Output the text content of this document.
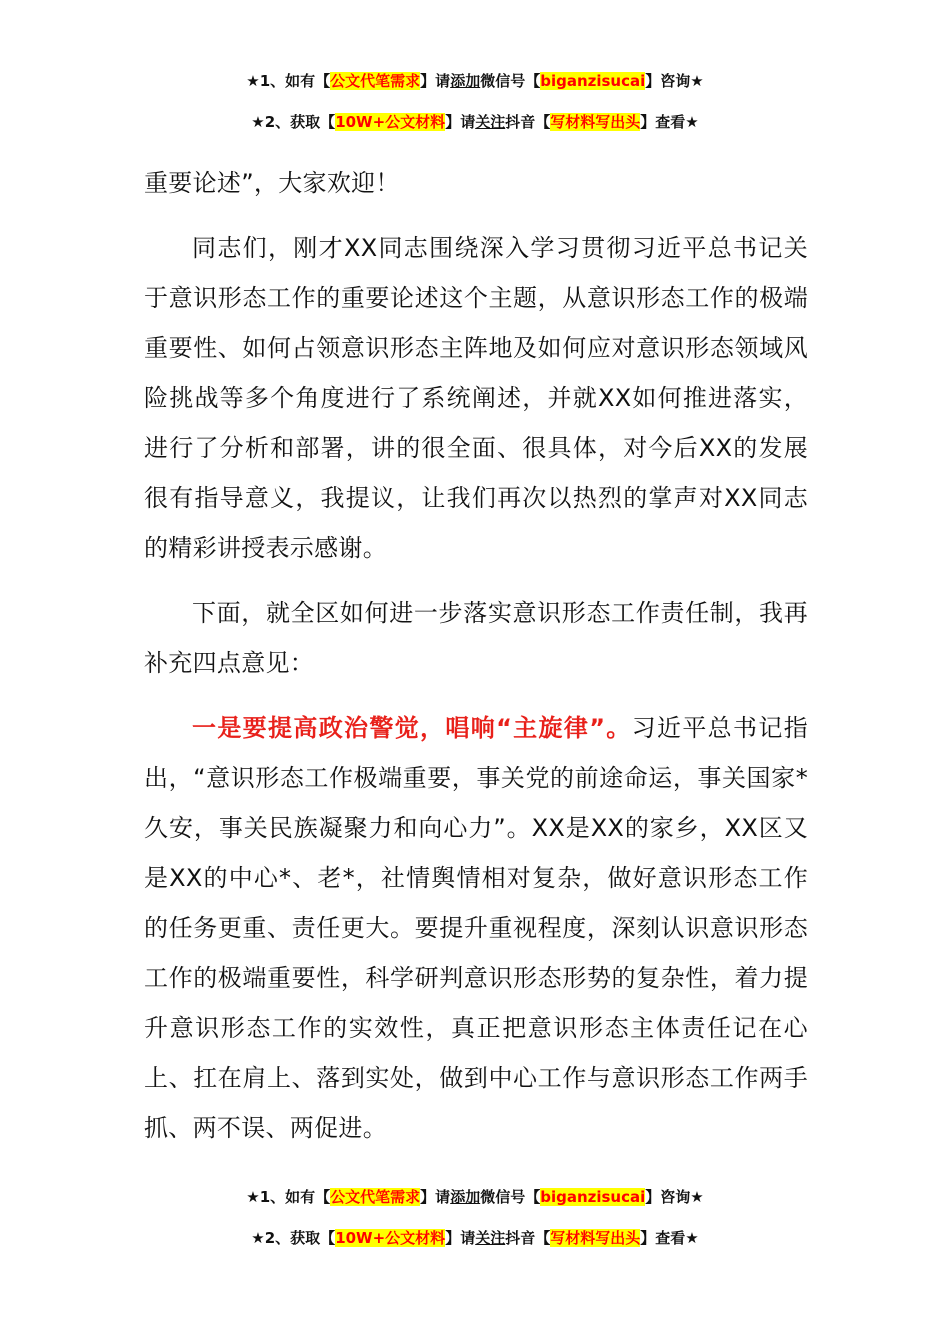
★1、如有【公文代笔需求】请添加微信号【biganzisucai】咨询★
★2、获取【10W+公文材料】请关注抖音【写材料写出头】查看★

重要论述”，大家欢迎！

同志们，刚才XX同志围绕深入学习贯彻习近平总书记关于意识形态工作的重要论述这个主题，从意识形态工作的极端重要性、如何占领意识形态主阵地及如何应对意识形态领域风险挑战等多个角度进行了系统阐述，并就XX如何推进落实，进行了分析和部署，讲的很全面、很具体，对今后XX的发展很有指导意义，我提议，让我们再次以热烈的掌声对XX同志的精彩讲授表示感谢。

下面，就全区如何进一步落实意识形态工作责任制，我再补充四点意见：

一是要提高政治警觉，唱响“主旋律”。习近平总书记指出，“意识形态工作极端重要，事关党的前途命运，事关国家*久安，事关民族凝聚力和向心力”。XX是XX的家乡，XX区又是XX的中心*、老*，社情舆情相对复杂，做好意识形态工作的任务更重、责任更大。要提升重视程度，深刻认识意识形态工作的极端重要性，科学研判意识形态形势的复杂性，着力提升意识形态工作的实效性，真正把意识形态主体责任记在心上、扛在肩上、落到实处，做到中心工作与意识形态工作两手抓、两不误、两促进。

★1、如有【公文代笔需求】请添加微信号【biganzisucai】咨询★
★2、获取【10W+公文材料】请关注抖音【写材料写出头】查看★
